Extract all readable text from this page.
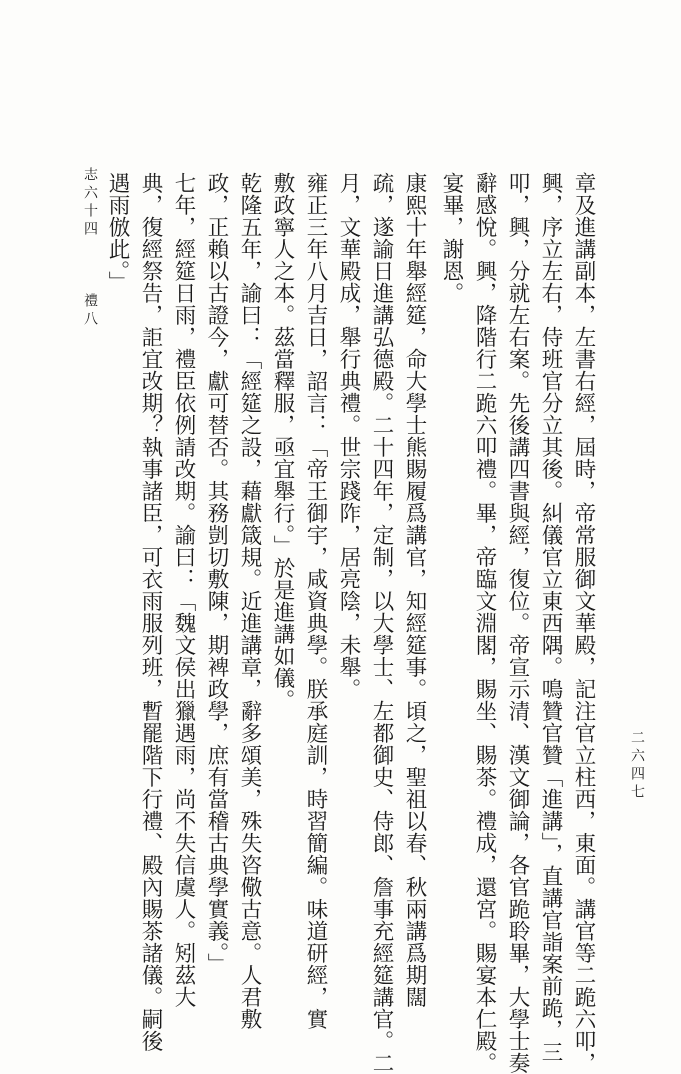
章及進講副本，左書右經，屆時，帝常服御文華殿，記注官立柱西，東面。講官等二跪六叩，
興，序立左右，侍班官分立其後。糾儀官立東西隅。鳴贊官贊「進講」，直講官詣案前跪，三
叩，興，分就左右案。先後講四書與經，復位。帝宣示清、漢文御論，各官跪聆畢，大學士奏
辭感悅。興，降階行二跪六叩禮。畢，帝臨文淵閣，賜坐、賜茶。禮成，還宮。賜宴本仁殿。
宴畢，謝恩。
康熙十年舉經筵，命大學士熊賜履爲講官，知經筵事。頃之，聖祖以春、秋兩講爲期闊
疏，遂諭日進講弘德殿。二十四年，定制，以大學士、左都御史、侍郎、詹事充經筵講官。二
月，文華殿成，舉行典禮。世宗踐阼，居亮陰，未舉。
雍正三年八月吉日，詔言：「帝王御宇，咸資典學。朕承庭訓，時習簡編。味道研經，實
敷政寧人之本。茲當釋服，亟宜舉行。」於是進講如儀。
乾隆五年，諭曰：「經筵之設，藉獻箴規。近進講章，辭多頌美，殊失咨儆古意。人君敷
政，正賴以古證今，獻可替否。其務剴切敷陳，期裨政學，庶有當稽古典學實義。」
七年，經筵日雨，禮臣依例請改期。諭曰：「魏文侯出獵遇雨，尚不失信虞人。矧茲大
典，復經祭告，詎宜改期？執事諸臣，可衣雨服列班，暫罷階下行禮、殿內賜茶諸儀。嗣後
遇雨倣此。」
志六十四
禮八
二六四七
